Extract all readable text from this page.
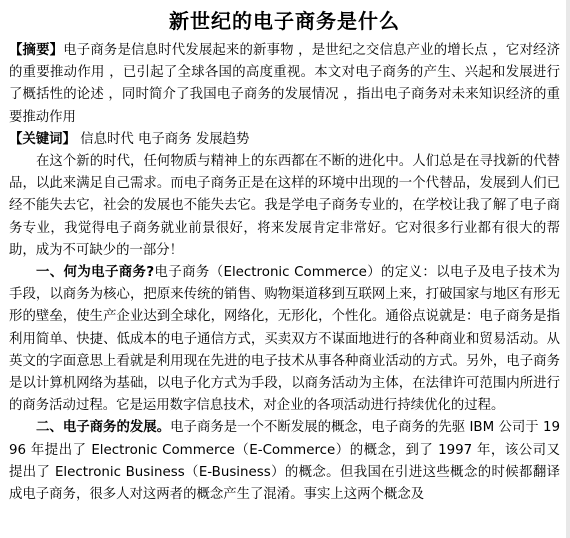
新世纪的电子商务是什么

【摘要】电子商务是信息时代发展起来的新事物 ，是世纪之交信息产业的增长点 ，它对经济的重要推动作用 ，已引起了全球各国的高度重视。本文对电子商务的产生、兴起和发展进行了概括性的论述 ，同时简介了我国电子商务的发展情况 ，指出电子商务对未来知识经济的重要推动作用

【关键词】 信息时代 电子商务 发展趋势

在这个新的时代，任何物质与精神上的东西都在不断的进化中。人们总是在寻找新的代替品，以此来满足自己需求。而电子商务正是在这样的环境中出现的一个代替品，发展到人们已经不能失去它，社会的发展也不能失去它。我是学电子商务专业的，在学校让我了解了电子商务专业，我觉得电子商务就业前景很好，将来发展肯定非常好。它对很多行业都有很大的帮助，成为不可缺少的一部分！

一、何为电子商务?电子商务（Electronic Commerce）的定义：以电子及电子技术为手段，以商务为核心，把原来传统的销售、购物渠道移到互联网上来，打破国家与地区有形无形的壁垒，使生产企业达到全球化，网络化，无形化，个性化。通俗点说就是：电子商务是指利用简单、快捷、低成本的电子通信方式，买卖双方不谋面地进行的各种商业和贸易活动。从英文的字面意思上看就是利用现在先进的电子技术从事各种商业活动的方式。另外，电子商务是以计算机网络为基础，以电子化方式为手段，以商务活动为主体，在法律许可范围内所进行的商务活动过程。它是运用数字信息技术，对企业的各项活动进行持续优化的过程。

二、电子商务的发展。电子商务是一个不断发展的概念，电子商务的先驱 IBM 公司于 1996 年提出了 Electronic Commerce（E-Commerce）的概念，到了 1997 年，该公司又提出了 Electronic Business（E-Business）的概念。但我国在引进这些概念的时候都翻译成电子商务，很多人对这两者的概念产生了混淆。事实上这两个概念及
